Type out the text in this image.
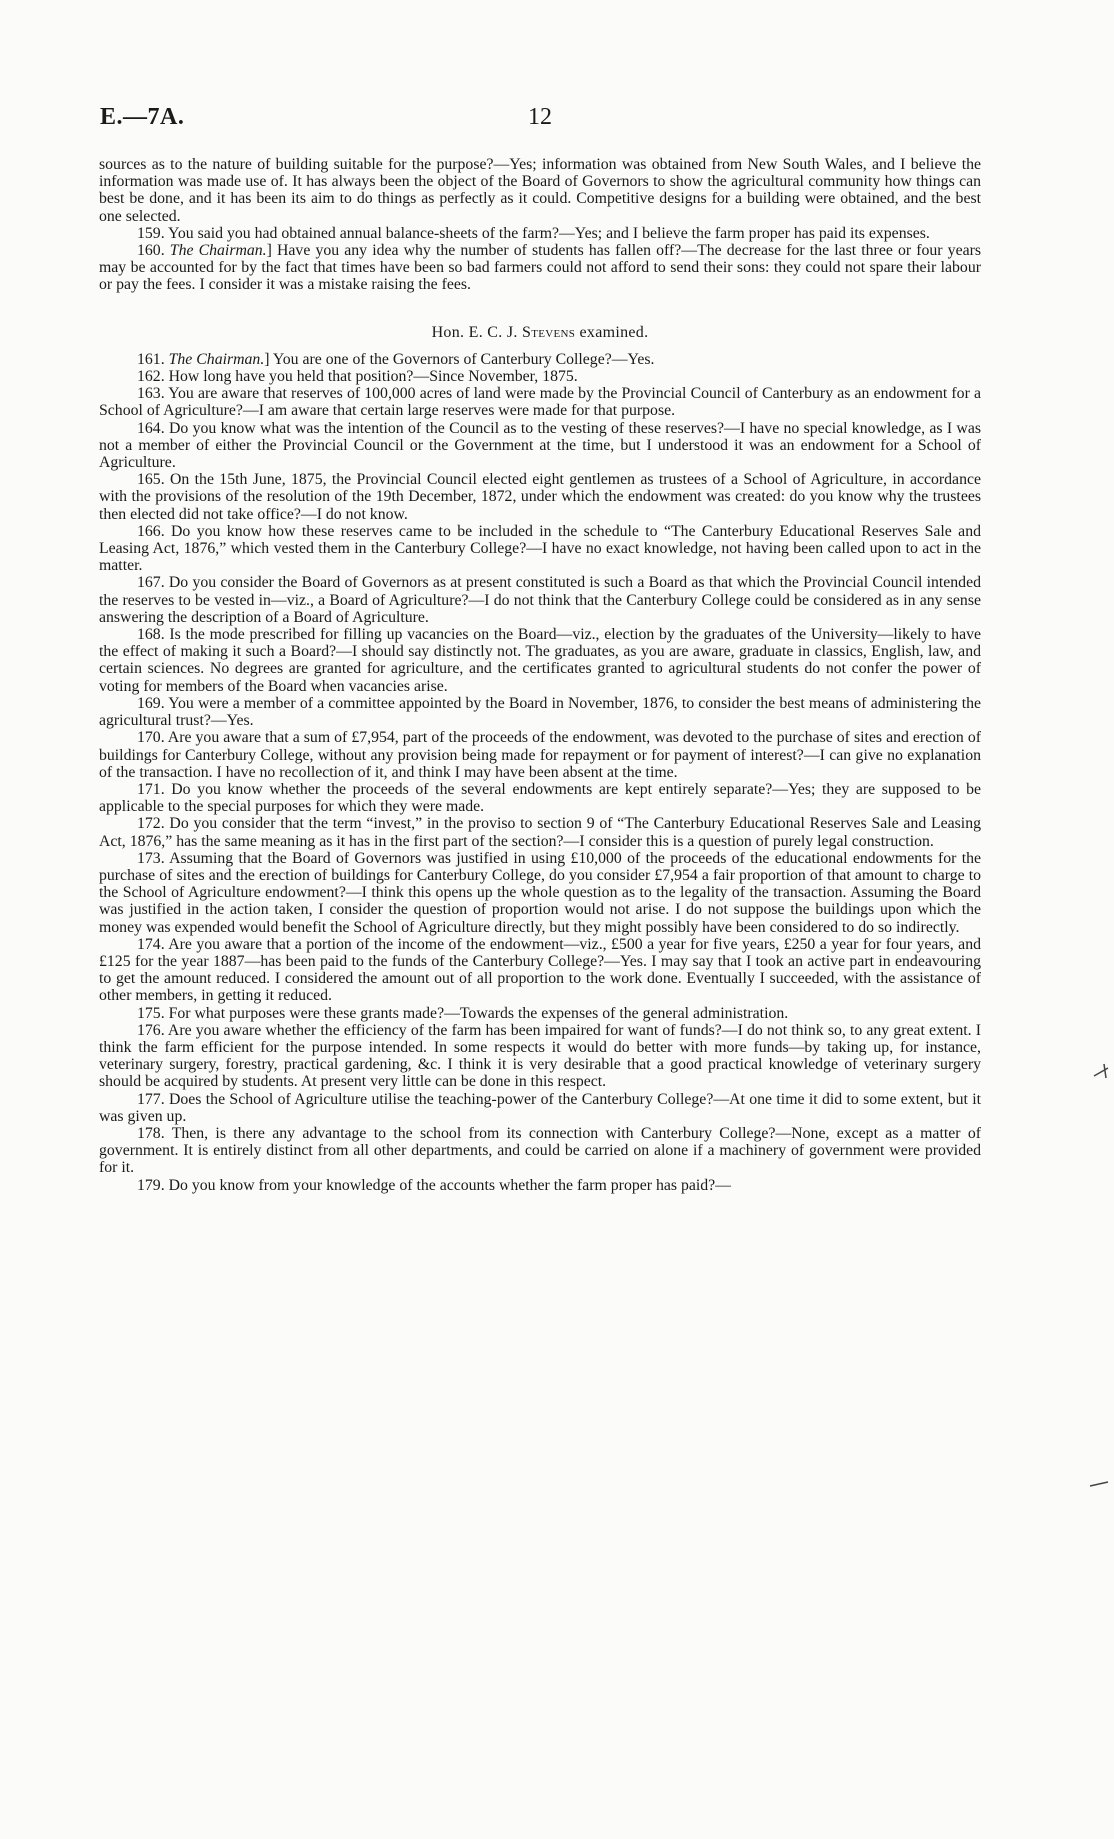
E.—7A.	12

sources as to the nature of building suitable for the purpose?—Yes; information was obtained from New South Wales, and I believe the information was made use of. It has always been the object of the Board of Governors to show the agricultural community how things can best be done, and it has been its aim to do things as perfectly as it could. Competitive designs for a building were obtained, and the best one selected.

159. You said you had obtained annual balance-sheets of the farm?—Yes; and I believe the farm proper has paid its expenses.

160. The Chairman.] Have you any idea why the number of students has fallen off?—The decrease for the last three or four years may be accounted for by the fact that times have been so bad farmers could not afford to send their sons: they could not spare their labour or pay the fees. I consider it was a mistake raising the fees.

Hon. E. C. J. Stevens examined.

161. The Chairman.] You are one of the Governors of Canterbury College?—Yes.

162. How long have you held that position?—Since November, 1875.

163. You are aware that reserves of 100,000 acres of land were made by the Provincial Council of Canterbury as an endowment for a School of Agriculture?—I am aware that certain large reserves were made for that purpose.

164. Do you know what was the intention of the Council as to the vesting of these reserves?—I have no special knowledge, as I was not a member of either the Provincial Council or the Government at the time, but I understood it was an endowment for a School of Agriculture.

165. On the 15th June, 1875, the Provincial Council elected eight gentlemen as trustees of a School of Agriculture, in accordance with the provisions of the resolution of the 19th December, 1872, under which the endowment was created: do you know why the trustees then elected did not take office?—I do not know.

166. Do you know how these reserves came to be included in the schedule to “The Canterbury Educational Reserves Sale and Leasing Act, 1876,” which vested them in the Canterbury College?—I have no exact knowledge, not having been called upon to act in the matter.

167. Do you consider the Board of Governors as at present constituted is such a Board as that which the Provincial Council intended the reserves to be vested in—viz., a Board of Agriculture?—I do not think that the Canterbury College could be considered as in any sense answering the description of a Board of Agriculture.

168. Is the mode prescribed for filling up vacancies on the Board—viz., election by the graduates of the University—likely to have the effect of making it such a Board?—I should say distinctly not. The graduates, as you are aware, graduate in classics, English, law, and certain sciences. No degrees are granted for agriculture, and the certificates granted to agricultural students do not confer the power of voting for members of the Board when vacancies arise.

169. You were a member of a committee appointed by the Board in November, 1876, to consider the best means of administering the agricultural trust?—Yes.

170. Are you aware that a sum of £7,954, part of the proceeds of the endowment, was devoted to the purchase of sites and erection of buildings for Canterbury College, without any provision being made for repayment or for payment of interest?—I can give no explanation of the transaction. I have no recollection of it, and think I may have been absent at the time.

171. Do you know whether the proceeds of the several endowments are kept entirely separate?—Yes; they are supposed to be applicable to the special purposes for which they were made.

172. Do you consider that the term “invest,” in the proviso to section 9 of “The Canterbury Educational Reserves Sale and Leasing Act, 1876,” has the same meaning as it has in the first part of the section?—I consider this is a question of purely legal construction.

173. Assuming that the Board of Governors was justified in using £10,000 of the proceeds of the educational endowments for the purchase of sites and the erection of buildings for Canterbury College, do you consider £7,954 a fair proportion of that amount to charge to the School of Agriculture endowment?—I think this opens up the whole question as to the legality of the transaction. Assuming the Board was justified in the action taken, I consider the question of proportion would not arise. I do not suppose the buildings upon which the money was expended would benefit the School of Agriculture directly, but they might possibly have been considered to do so indirectly.

174. Are you aware that a portion of the income of the endowment—viz., £500 a year for five years, £250 a year for four years, and £125 for the year 1887—has been paid to the funds of the Canterbury College?—Yes. I may say that I took an active part in endeavouring to get the amount reduced. I considered the amount out of all proportion to the work done. Eventually I succeeded, with the assistance of other members, in getting it reduced.

175. For what purposes were these grants made?—Towards the expenses of the general administration.

176. Are you aware whether the efficiency of the farm has been impaired for want of funds?—I do not think so, to any great extent. I think the farm efficient for the purpose intended. In some respects it would do better with more funds—by taking up, for instance, veterinary surgery, forestry, practical gardening, &c. I think it is very desirable that a good practical knowledge of veterinary surgery should be acquired by students. At present very little can be done in this respect.

177. Does the School of Agriculture utilise the teaching-power of the Canterbury College?—At one time it did to some extent, but it was given up.

178. Then, is there any advantage to the school from its connection with Canterbury College?—None, except as a matter of government. It is entirely distinct from all other departments, and could be carried on alone if a machinery of government were provided for it.

179. Do you know from your knowledge of the accounts whether the farm proper has paid?—
